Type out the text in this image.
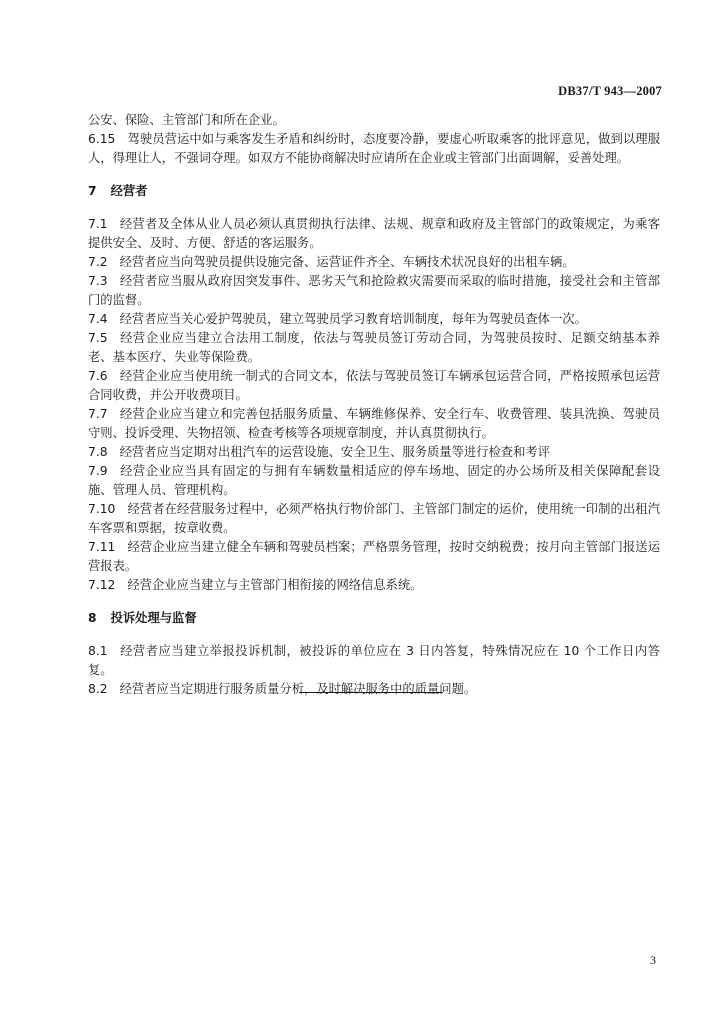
DB37/T 943—2007

公安、保险、主管部门和所在企业。

6.15 驾驶员营运中如与乘客发生矛盾和纠纷时，态度要冷静，要虚心听取乘客的批评意见，做到以理服人，得理让人，不强词夺理。如双方不能协商解决时应请所在企业或主管部门出面调解，妥善处理。

7 经营者

7.1 经营者及全体从业人员必须认真贯彻执行法律、法规、规章和政府及主管部门的政策规定，为乘客提供安全、及时、方便、舒适的客运服务。

7.2 经营者应当向驾驶员提供设施完备、运营证件齐全、车辆技术状况良好的出租车辆。

7.3 经营者应当服从政府因突发事件、恶劣天气和抢险救灾需要而采取的临时措施，接受社会和主管部门的监督。

7.4 经营者应当关心爱护驾驶员，建立驾驶员学习教育培训制度，每年为驾驶员查体一次。

7.5 经营企业应当建立合法用工制度，依法与驾驶员签订劳动合同，为驾驶员按时、足额交纳基本养老、基本医疗、失业等保险费。

7.6 经营企业应当使用统一制式的合同文本，依法与驾驶员签订车辆承包运营合同，严格按照承包运营合同收费，并公开收费项目。

7.7 经营企业应当建立和完善包括服务质量、车辆维修保养、安全行车、收费管理、装具洗换、驾驶员守则、投诉受理、失物招领、检查考核等各项规章制度，并认真贯彻执行。

7.8 经营者应当定期对出租汽车的运营设施、安全卫生、服务质量等进行检查和考评

7.9 经营企业应当具有固定的与拥有车辆数量相适应的停车场地、固定的办公场所及相关保障配套设施、管理人员、管理机构。

7.10 经营者在经营服务过程中，必须严格执行物价部门、主管部门制定的运价，使用统一印制的出租汽车客票和票据，按章收费。

7.11 经营企业应当建立健全车辆和驾驶员档案；严格票务管理，按时交纳税费；按月向主管部门报送运营报表。

7.12 经营企业应当建立与主管部门相衔接的网络信息系统。

8 投诉处理与监督

8.1 经营者应当建立举报投诉机制，被投诉的单位应在 3 日内答复，特殊情况应在 10 个工作日内答复。

8.2 经营者应当定期进行服务质量分析，及时解决服务中的质量问题。

3
